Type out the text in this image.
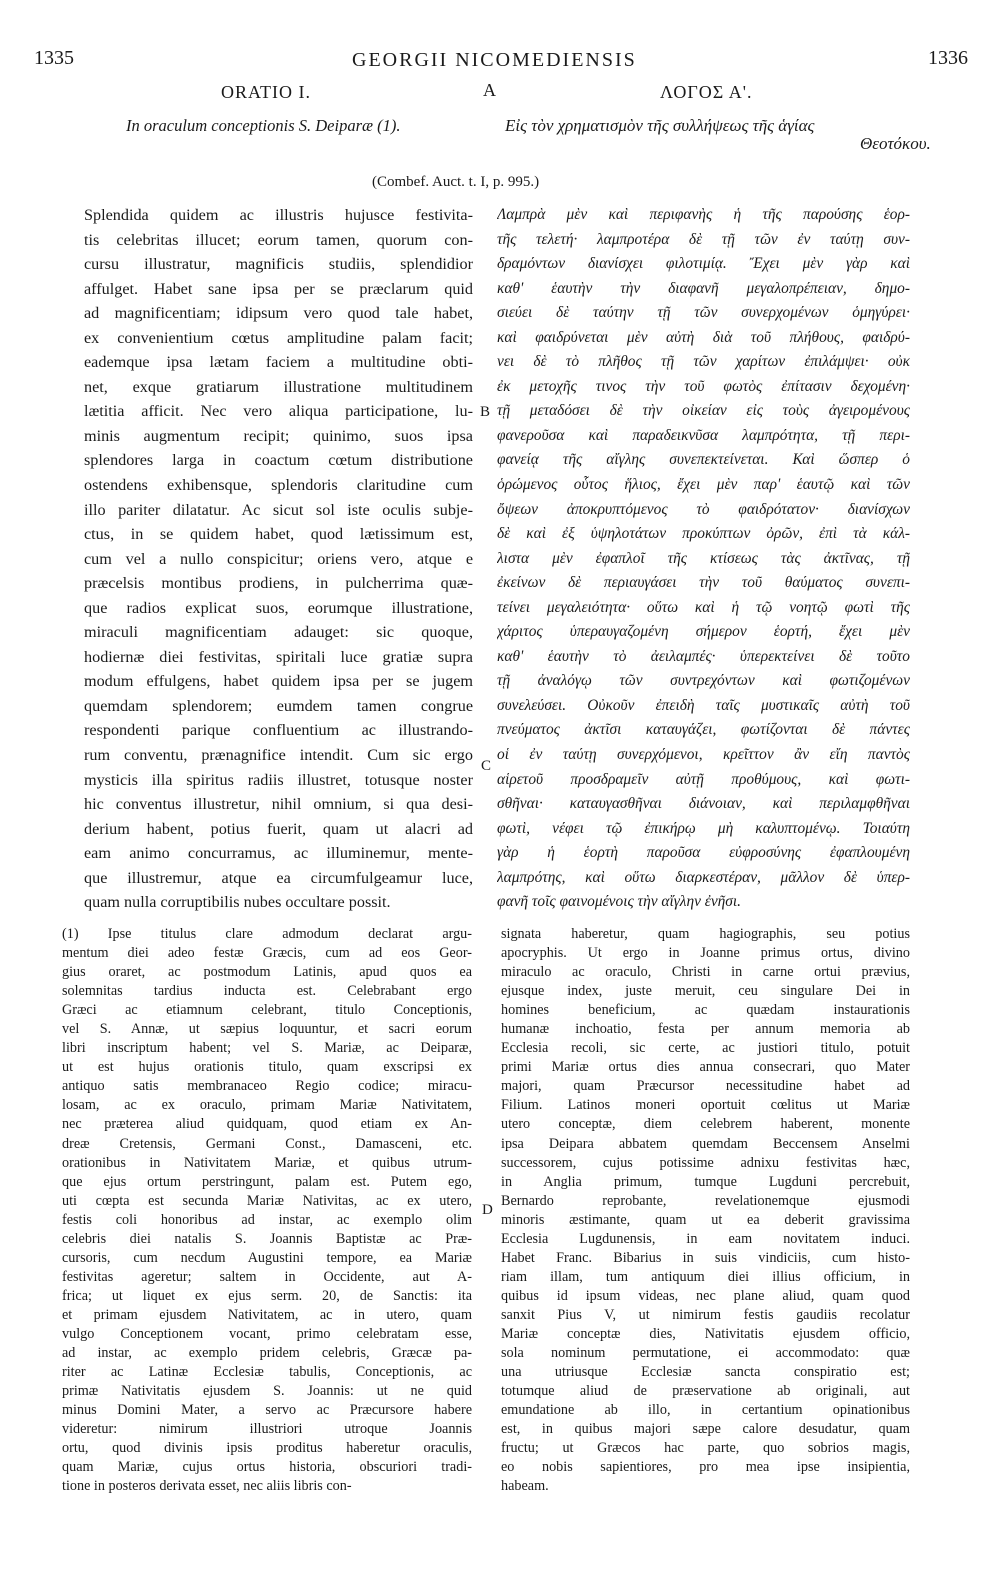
1335	GEORGII NICOMEDIENSIS	1336
ORATIO I.	A	ΛΟΓΟΣ Α'.
In oraculum conceptionis S. Deiparæ (1).	Εἰς τὸν χρηματισμὸν τῆς συλλήψεως τῆς ἁγίας
Θεοτόκου.
(Combef. Auct. t. I, p. 995.)
B
C
D
Splendida quidem ac illustris hujusce festivita-
tis celebritas illucet; eorum tamen, quorum con-
cursu illustratur, magnificis studiis, splendidior
affulget. Habet sane ipsa per se præclarum quid
ad magnificentiam; idipsum vero quod tale habet,
ex convenientium cœtus amplitudine palam facit;
eademque ipsa lætam faciem a multitudine obti-
net, exque gratiarum illustratione multitudinem
lætitia afficit. Nec vero aliqua participatione, lu-
minis augmentum recipit; quinimo, suos ipsa
splendores larga in coactum cœtum distributione
ostendens exhibensque, splendoris claritudine cum
illo pariter dilatatur. Ac sicut sol iste oculis subje-
ctus, in se quidem habet, quod lætissimum est,
cum vel a nullo conspicitur; oriens vero, atque e
præcelsis montibus prodiens, in pulcherrima quæ-
que radios explicat suos, eorumque illustratione,
miraculi magnificentiam adauget: sic quoque,
hodiernæ diei festivitas, spiritali luce gratiæ supra
modum effulgens, habet quidem ipsa per se jugem
quemdam splendorem; eumdem tamen congrue
respondenti parique confluentium ac illustrando-
rum conventu, prænagnifice intendit. Cum sic ergo
mysticis illa spiritus radiis illustret, totusque noster
hic conventus illustretur, nihil omnium, si qua desi-
derium habent, potius fuerit, quam ut alacri ad
eam animo concurramus, ac illuminemur, mente-
que illustremur, atque ea circumfulgeamur luce,
quam nulla corruptibilis nubes occultare possit.
Λαμπρὰ μὲν καὶ περιφανὴς ἡ τῆς παρούσης ἑορ-
τῆς τελετή· λαμπροτέρα δὲ τῇ τῶν ἐν ταύτῃ συν-
δραμόντων διανίσχει φιλοτιμίᾳ. Ἔχει μὲν γὰρ καὶ
καθ' ἑαυτὴν τὴν διαφανῆ μεγαλοπρέπειαν, δημο-
σιεύει δὲ ταύτην τῇ τῶν συνερχομένων ὁμηγύρει·
καὶ φαιδρύνεται μὲν αὐτὴ διὰ τοῦ πλήθους, φαιδρύ-
νει δὲ τὸ πλῆθος τῇ τῶν χαρίτων ἐπιλάμψει· οὐκ
ἐκ μετοχῆς τινος τὴν τοῦ φωτὸς ἐπίτασιν δεχομένη·
τῇ μεταδόσει δὲ τὴν οἰκείαν εἰς τοὺς ἀγειρομένους
φανεροῦσα καὶ παραδεικνῦσα λαμπρότητα, τῇ περι-
φανείᾳ τῆς αἴγλης συνεπεκτείνεται. Καὶ ὥσπερ ὁ
ὁρώμενος οὗτος ἥλιος, ἔχει μὲν παρ' ἑαυτῷ καὶ τῶν
ὄψεων ἀποκρυπτόμενος τὸ φαιδρότατον· διανίσχων
δὲ καὶ ἐξ ὑψηλοτάτων προκύπτων ὀρῶν, ἐπὶ τὰ κάλ-
λιστα μὲν ἐφαπλοῖ τῆς κτίσεως τὰς ἀκτῖνας, τῇ
ἐκείνων δὲ περιαυγάσει τὴν τοῦ θαύματος συνεπι-
τείνει μεγαλειότητα· οὕτω καὶ ἡ τῷ νοητῷ φωτὶ τῆς
χάριτος ὑπεραυγαζομένη σήμερον ἑορτή, ἔχει μὲν
καθ' ἑαυτὴν τὸ ἀειλαμπές· ὑπερεκτείνει δὲ τοῦτο
τῇ ἀναλόγῳ τῶν συντρεχόντων καὶ φωτιζομένων
συνελεύσει. Οὐκοῦν ἐπειδὴ ταῖς μυστικαῖς αὐτὴ τοῦ
πνεύματος ἀκτῖσι καταυγάζει, φωτίζονται δὲ πάντες
οἱ ἐν ταύτῃ συνερχόμενοι, κρεῖττον ἂν εἴη παντὸς
αἱρετοῦ προσδραμεῖν αὐτῇ προθύμους, καὶ φωτι-
σθῆναι· καταυγασθῆναι διάνοιαν, καὶ περιλαμφθῆναι
φωτὶ, νέφει τῷ ἐπικήρῳ μὴ καλυπτομένῳ. Τοιαύτη
γὰρ ἡ ἑορτὴ παροῦσα εὐφροσύνης ἐφαπλουμένη
λαμπρότης, καὶ οὕτω διαρκεστέραν, μᾶλλον δὲ ὑπερ-
φανῆ τοῖς φαινομένοις τὴν αἴγλην ἐνῆσι.
(1) Ipse titulus clare admodum declarat argu-
mentum diei adeo festæ Græcis, cum ad eos Geor-
gius oraret, ac postmodum Latinis, apud quos ea
solemnitas tardius inducta est. Celebrabant ergo
Græci ac etiamnum celebrant, titulo Conceptionis,
vel S. Annæ, ut sæpius loquuntur, et sacri eorum
libri inscriptum habent; vel S. Mariæ, ac Deiparæ,
ut est hujus orationis titulo, quam exscripsi ex
antiquo satis membranaceo Regio codice; miracu-
losam, ac ex oraculo, primam Mariæ Nativitatem,
nec præterea aliud quidquam, quod etiam ex An-
dreæ Cretensis, Germani Const., Damasceni, etc.
orationibus in Nativitatem Mariæ, et quibus utrum-
que ejus ortum perstringunt, palam est. Putem ego,
uti cœpta est secunda Mariæ Nativitas, ac ex utero,
festis coli honoribus ad instar, ac exemplo olim
celebris diei natalis S. Joannis Baptistæ ac Præ-
cursoris, cum necdum Augustini tempore, ea Mariæ
festivitas ageretur; saltem in Occidente, aut A-
frica; ut liquet ex ejus serm. 20, de Sanctis: ita
et primam ejusdem Nativitatem, ac in utero, quam
vulgo Conceptionem vocant, primo celebratam esse,
ad instar, ac exemplo pridem celebris, Græcæ pa-
riter ac Latinæ Ecclesiæ tabulis, Conceptionis, ac
primæ Nativitatis ejusdem S. Joannis: ut ne quid
minus Domini Mater, a servo ac Præcursore habere
videretur: nimirum illustriori utroque Joannis
ortu, quod divinis ipsis proditus haberetur oraculis,
quam Mariæ, cujus ortus historia, obscuriori tradi-
tione in posteros derivata esset, nec aliis libris con-
signata haberetur, quam hagiographis, seu potius
apocryphis. Ut ergo in Joanne primus ortus, divino
miraculo ac oraculo, Christi in carne ortui prævius,
ejusque index, juste meruit, ceu singulare Dei in
homines beneficium, ac quædam instaurationis
humanæ inchoatio, festa per annum memoria ab
Ecclesia recoli, sic certe, ac justiori titulo, potuit
primi Mariæ ortus dies annua consecrari, quo Mater
majori, quam Præcursor necessitudine habet ad
Filium. Latinos moneri oportuit cœlitus ut Mariæ
utero conceptæ, diem celebrem haberent, monente
ipsa Deipara abbatem quemdam Beccensem Anselmi
successorem, cujus potissime adnixu festivitas hæc,
in Anglia primum, tumque Lugduni percrebuit,
Bernardo reprobante, revelationemque ejusmodi
minoris æstimante, quam ut ea deberit gravissima
Ecclesia Lugdunensis, in eam novitatem induci.
Habet Franc. Bibarius in suis vindiciis, cum histo-
riam illam, tum antiquum diei illius officium, in
quibus id ipsum videas, nec plane aliud, quam quod
sanxit Pius V, ut nimirum festis gaudiis recolatur
Mariæ conceptæ dies, Nativitatis ejusdem officio,
sola nominum permutatione, ei accommodato: quæ
una utriusque Ecclesiæ sancta conspiratio est;
totumque aliud de præservatione ab originali, aut
emundatione ab illo, in certantium opinationibus
est, in quibus majori sæpe calore desudatur, quam
fructu; ut Græcos hac parte, quo sobrios magis,
eo nobis sapientiores, pro mea ipse insipientia,
habeam.
